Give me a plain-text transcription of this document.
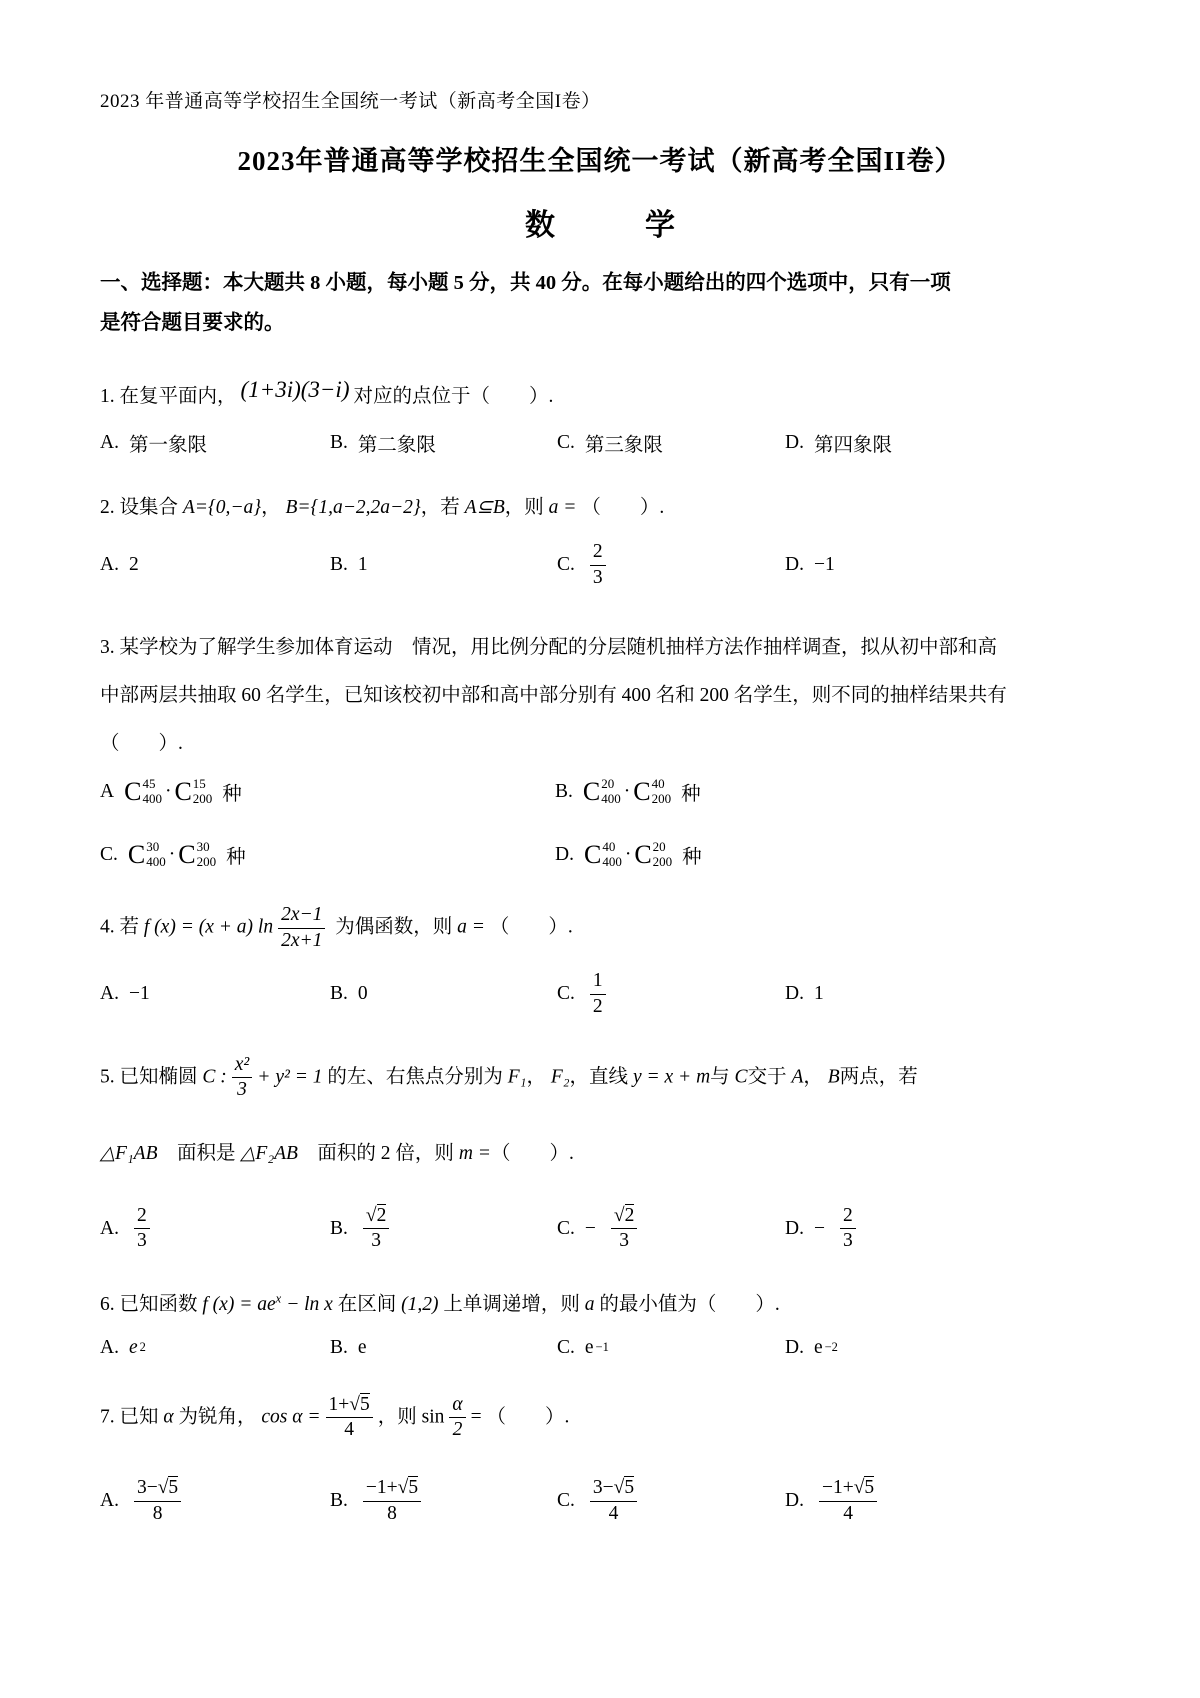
2023 年普通高等学校招生全国统一考试（新高考全国I卷）
2023年普通高等学校招生全国统一考试（新高考全国II卷）
数　　　学
一、选择题：本大题共 8 小题，每小题 5 分，共 40 分。在每小题给出的四个选项中，只有一项
是符合题目要求的。
1. 在复平面内， (1+3i)(3−i) 对应的点位于（　　）.
A. 第一象限	B. 第二象限	C. 第三象限	D. 第四象限
2. 设集合 A={0,−a}， B={1,a−2,2a−2}，若 A⊆B，则 a = （　　）.
A. 2	B. 1	C. $\frac{2}{3}$	D. −1
3. 某学校为了解学生参加体育运动　情况，用比例分配的分层随机抽样方法作抽样调查，拟从初中部和高
中部两层共抽取 60 名学生，已知该校初中部和高中部分别有 400 名和 200 名学生，则不同的抽样结果共有
（　　）.
A C 45
400 · C 15
200 种	B. C 20
400 · C 40
200 种
C. C 30
400 · C 30
200 种	D. C 40
400 · C 20
200 种
4. 若 f (x) = (x + a) $\ln \frac{2x-1}{2x+1}$ 为偶函数，则 a = （　　）.
A. −1	B. 0	C. $\frac{1}{2}$	D. 1
5. 已知椭圆 C : $\frac{\text{x²}}{3} + y^2 = 1$ 的左、右焦点分别为 F₁， F₂，直线 y = x + m与 C交于 A， B两点，若
△F₁AB　面积是 △F₂AB　面积的 2 倍，则 m =（　　）.
A. $\frac{2}{3}$	B. $\frac{√2}{3}$	C. − $\frac{√2}{3}$	D. − $\frac{2}{3}$
6. 已知函数 f $(x) = ae^x - \ln x$ 在区间 (1,2) 上单调递增，则 a 的最小值为（　　）.
A. e 2	B. e	C. e −1	D. e −2
7. 已知 α 为锐角， $\cos \alpha = \frac{1+√5}{4}$ ，则 $\sin \frac{\alpha}{2}$ = （　　）.
A. $\frac{3-√5}{8}$	B. $\frac{-1+√5}{8}$	C. $\frac{3-√5}{4}$	D. $\frac{-1+√5}{4}$
